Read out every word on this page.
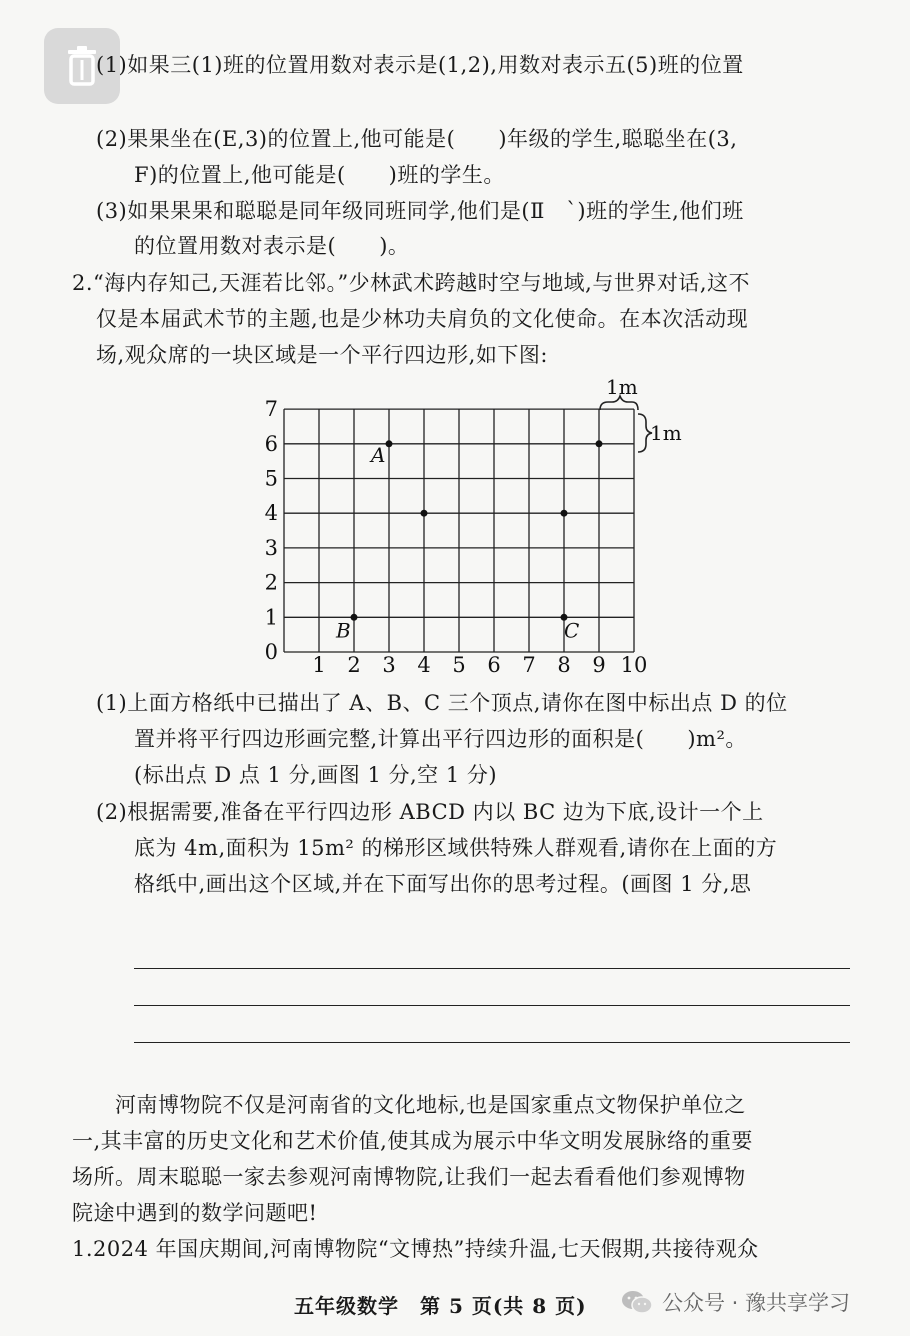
(1)如果三(1)班的位置用数对表示是(1,2),用数对表示五(5)班的位置
(2)果果坐在(E,3)的位置上,他可能是(　　)年级的学生,聪聪坐在(3,
F)的位置上,他可能是(　　)班的学生。
(3)如果果果和聪聪是同年级同班同学,他们是(Ⅱ　`)班的学生,他们班
的位置用数对表示是(　　)。
2.“海内存知己,天涯若比邻。”少林武术跨越时空与地域,与世界对话,这不
仅是本届武术节的主题,也是少林功夫肩负的文化使命。在本次活动现
场,观众席的一块区域是一个平行四边形,如下图:
1 2 3 4 5 6 7 8 9 10
0
1
2
3
4
5
6
7
A
B	C
1m
1m
(1)上面方格纸中已描出了 A、B、C 三个顶点,请你在图中标出点 D 的位
置并将平行四边形画完整,计算出平行四边形的面积是(　　)m²。
(标出点 D 点 1 分,画图 1 分,空 1 分)
(2)根据需要,准备在平行四边形 ABCD 内以 BC 边为下底,设计一个上
底为 4m,面积为 15m² 的梯形区域供特殊人群观看,请你在上面的方
格纸中,画出这个区域,并在下面写出你的思考过程。(画图 1 分,思
　　河南博物院不仅是河南省的文化地标,也是国家重点文物保护单位之
一,其丰富的历史文化和艺术价值,使其成为展示中华文明发展脉络的重要
场所。周末聪聪一家去参观河南博物院,让我们一起去看看他们参观博物
院途中遇到的数学问题吧!
1.2024 年国庆期间,河南博物院“文博热”持续升温,七天假期,共接待观众
五年级数学　第 5 页(共 8 页)	公众号 · 豫共享学习
